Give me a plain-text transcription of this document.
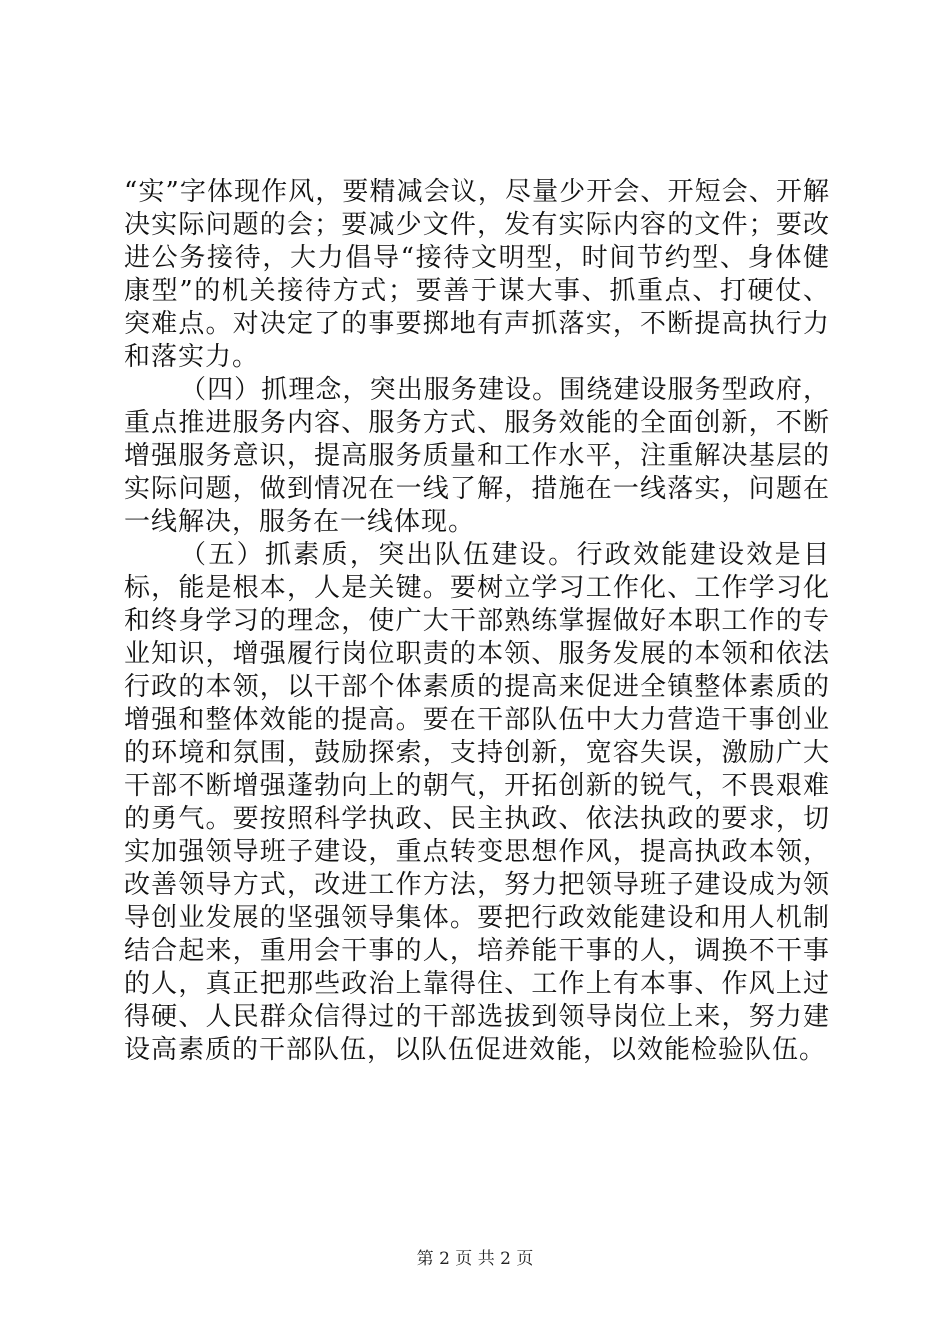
“实”字体现作风，要精减会议，尽量少开会、开短会、开解决实际问题的会；要减少文件，发有实际内容的文件；要改进公务接待，大力倡导“接待文明型，时间节约型、身体健康型”的机关接待方式；要善于谋大事、抓重点、打硬仗、突难点。对决定了的事要掷地有声抓落实，不断提高执行力和落实力。

（四）抓理念，突出服务建设。围绕建设服务型政府，重点推进服务内容、服务方式、服务效能的全面创新，不断增强服务意识，提高服务质量和工作水平，注重解决基层的实际问题，做到情况在一线了解，措施在一线落实，问题在一线解决，服务在一线体现。

（五）抓素质，突出队伍建设。行政效能建设效是目标，能是根本，人是关键。要树立学习工作化、工作学习化和终身学习的理念，使广大干部熟练掌握做好本职工作的专业知识，增强履行岗位职责的本领、服务发展的本领和依法行政的本领，以干部个体素质的提高来促进全镇整体素质的增强和整体效能的提高。要在干部队伍中大力营造干事创业的环境和氛围，鼓励探索，支持创新，宽容失误，激励广大干部不断增强蓬勃向上的朝气，开拓创新的锐气，不畏艰难的勇气。要按照科学执政、民主执政、依法执政的要求，切实加强领导班子建设，重点转变思想作风，提高执政本领，改善领导方式，改进工作方法，努力把领导班子建设成为领导创业发展的坚强领导集体。要把行政效能建设和用人机制结合起来，重用会干事的人，培养能干事的人，调换不干事的人，真正把那些政治上靠得住、工作上有本事、作风上过得硬、人民群众信得过的干部选拔到领导岗位上来，努力建设高素质的干部队伍，以队伍促进效能，以效能检验队伍。

第 2 页 共 2 页
